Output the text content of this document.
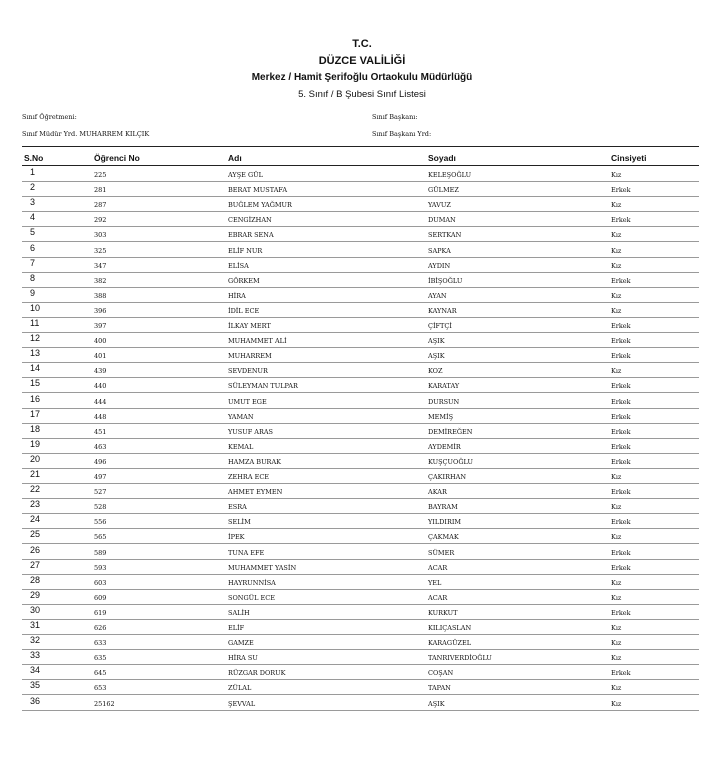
T.C.
DÜZCE VALİLİĞİ
Merkez / Hamit Şerifoğlu Ortaokulu Müdürlüğü
5. Sınıf / B Şubesi Sınıf Listesi
Sınıf Öğretmeni:	Sınıf Başkanı:
Sınıf Müdür Yrd. MUHARREM KILÇIK	Sınıf Başkanı Yrd:
S.No	Öğrenci No	Adı	Soyadı	Cinsiyeti
1	225	AYŞE GÜL	KELEŞOĞLU	Kız
2	281	BERAT MUSTAFA	GÜLMEZ	Erkek
3	287	BUĞLEM YAĞMUR	YAVUZ	Kız
4	292	CENGİZHAN	DUMAN	Erkek
5	303	EBRAR SENA	SERTKAN	Kız
6	325	ELİF NUR	SAPKA	Kız
7	347	ELİSA	AYDIN	Kız
8	382	GÖRKEM	İBİŞOĞLU	Erkek
9	388	HİRA	AYAN	Kız
10	396	İDİL ECE	KAYNAR	Kız
11	397	İLKAY MERT	ÇİFTÇİ	Erkek
12	400	MUHAMMET ALİ	AŞIK	Erkek
13	401	MUHARREM	AŞIK	Erkek
14	439	SEVDENUR	KOZ	Kız
15	440	SÜLEYMAN TULPAR	KARATAY	Erkek
16	444	UMUT EGE	DURSUN	Erkek
17	448	YAMAN	MEMİŞ	Erkek
18	451	YUSUF ARAS	DEMİREĞEN	Erkek
19	463	KEMAL	AYDEMİR	Erkek
20	496	HAMZA BURAK	KUŞÇUOĞLU	Erkek
21	497	ZEHRA ECE	ÇAKIRHAN	Kız
22	527	AHMET EYMEN	AKAR	Erkek
23	528	ESRA	BAYRAM	Kız
24	556	SELİM	YILDIRIM	Erkek
25	565	İPEK	ÇAKMAK	Kız
26	589	TUNA EFE	SÜMER	Erkek
27	593	MUHAMMET YASİN	ACAR	Erkek
28	603	HAYRUNNİSA	YEL	Kız
29	609	SONGÜL ECE	ACAR	Kız
30	619	SALİH	KURKUT	Erkek
31	626	ELİF	KILIÇASLAN	Kız
32	633	GAMZE	KARAGÜZEL	Kız
33	635	HİRA SU	TANRIVERDİOĞLU	Kız
34	645	RÜZGAR DORUK	COŞAN	Erkek
35	653	ZÜLAL	TAPAN	Kız
36	25162	ŞEVVAL	AŞIK	Kız
